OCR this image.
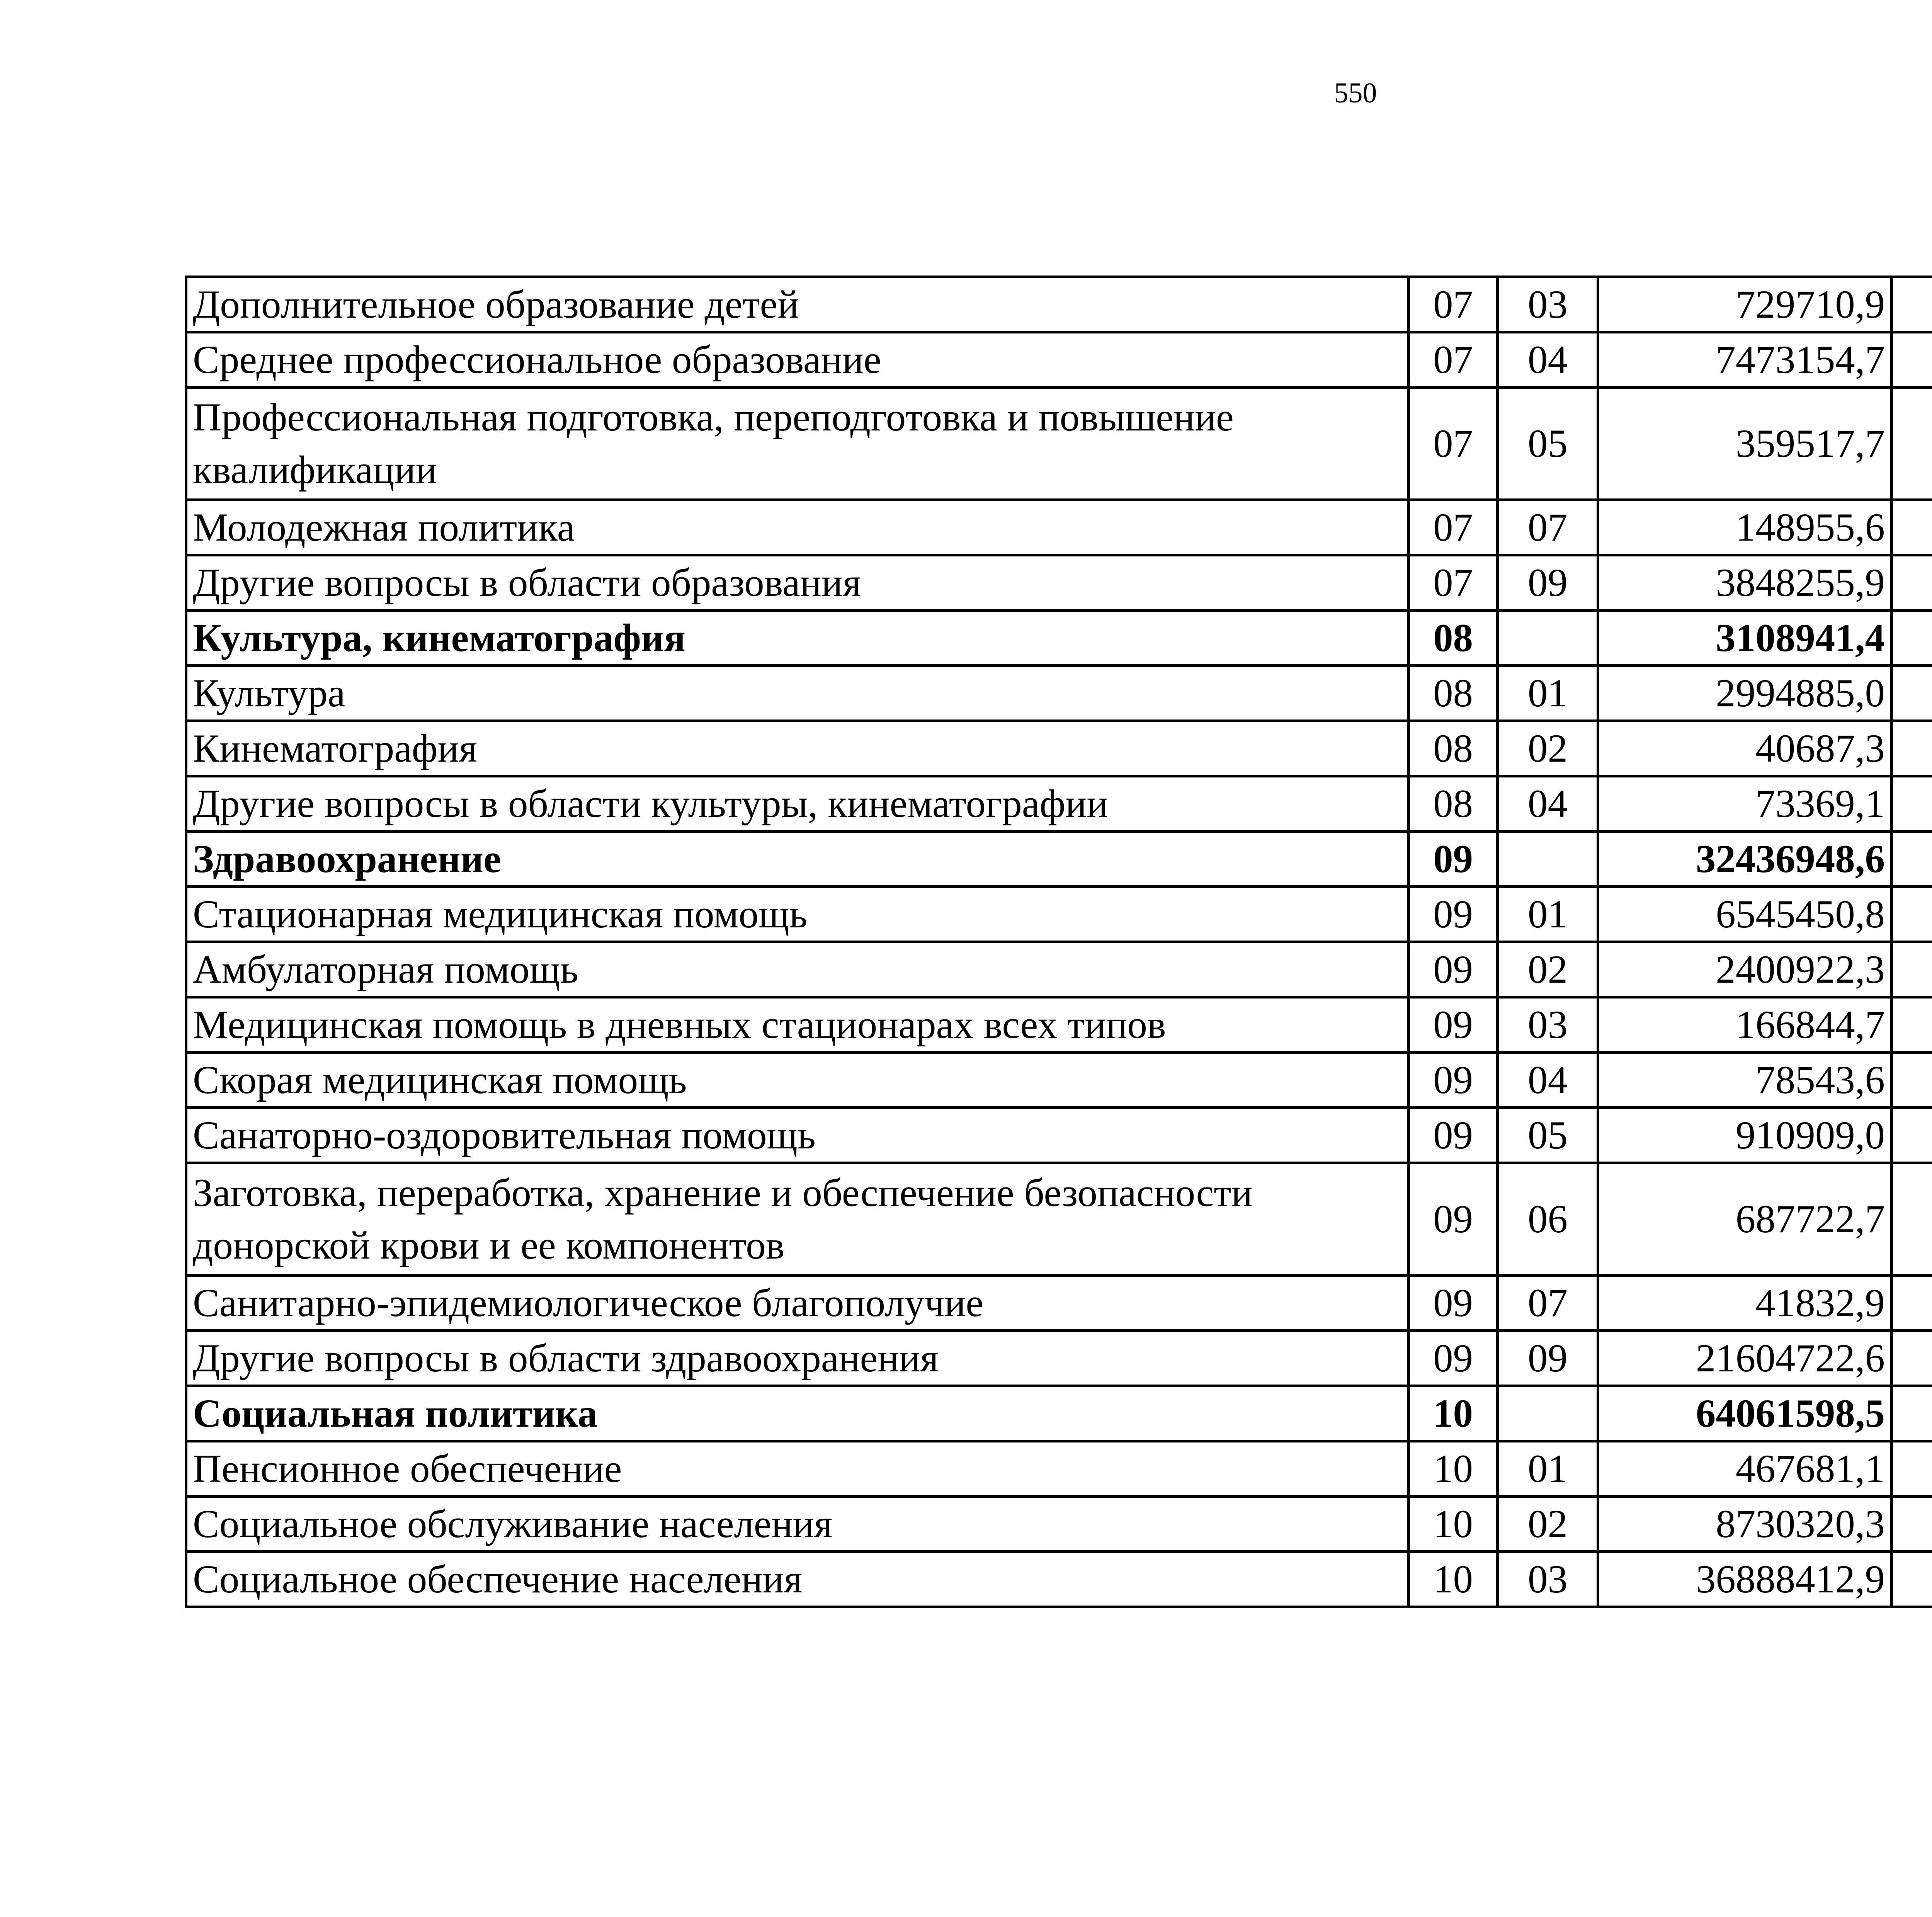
550
Дополнительное образование детей	07	03	729710,9		
Среднее профессиональное образование	07	04	7473154,7		
Профессиональная подготовка, переподготовка и повышение квалификации	07	05	359517,7		
Молодежная политика	07	07	148955,6		
Другие вопросы в области образования	07	09	3848255,9		
Культура, кинематография	08		3108941,4		
Культура	08	01	2994885,0		
Кинематография	08	02	40687,3		
Другие вопросы в области культуры, кинематографии	08	04	73369,1		
Здравоохранение	09		32436948,6		
Стационарная медицинская помощь	09	01	6545450,8		
Амбулаторная помощь	09	02	2400922,3		
Медицинская помощь в дневных стационарах всех типов	09	03	166844,7		
Скорая медицинская помощь	09	04	78543,6		
Санаторно-оздоровительная помощь	09	05	910909,0		
Заготовка, переработка, хранение и обеспечение безопасности донорской крови и ее компонентов	09	06	687722,7		
Санитарно-эпидемиологическое благополучие	09	07	41832,9		
Другие вопросы в области здравоохранения	09	09	21604722,6		
Социальная политика	10		64061598,5		
Пенсионное обеспечение	10	01	467681,1		
Социальное обслуживание населения	10	02	8730320,3		
Социальное обеспечение населения	10	03	36888412,9		
